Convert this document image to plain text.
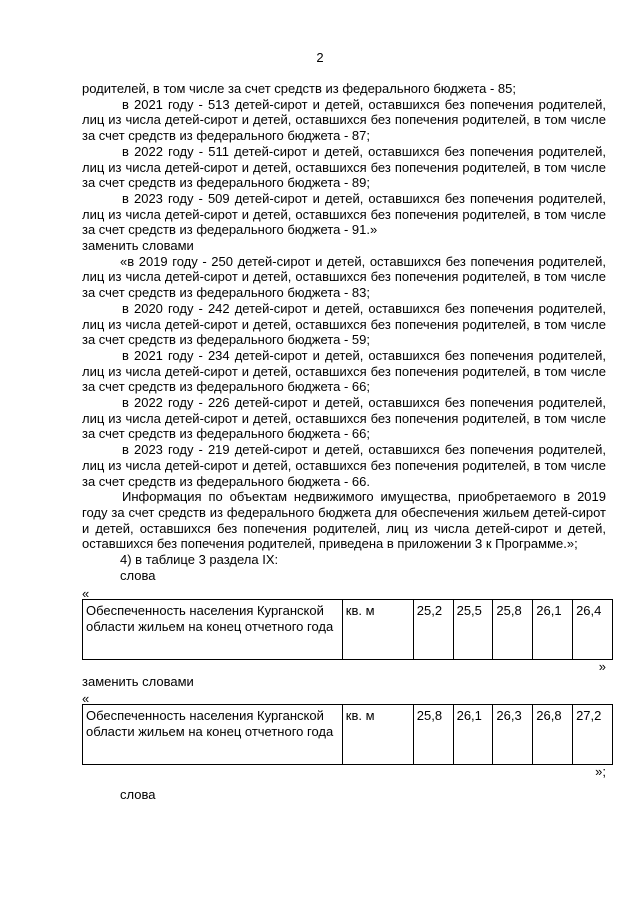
2

родителей, в том числе за счет средств из федерального бюджета - 85;

в 2021 году - 513 детей-сирот и детей, оставшихся без попечения родителей, лиц из числа детей-сирот и детей, оставшихся без попечения родителей, в том числе за счет средств из федерального бюджета - 87;

в 2022 году - 511 детей-сирот и детей, оставшихся без попечения родителей, лиц из числа детей-сирот и детей, оставшихся без попечения родителей, в том числе за счет средств из федерального бюджета - 89;

в 2023 году - 509 детей-сирот и детей, оставшихся без попечения родителей, лиц из числа детей-сирот и детей, оставшихся без попечения родителей, в том числе за счет средств из федерального бюджета - 91.»

заменить словами

«в 2019 году - 250 детей-сирот и детей, оставшихся без попечения родителей, лиц из числа детей-сирот и детей, оставшихся без попечения родителей, в том числе за счет средств из федерального бюджета - 83;

в 2020 году - 242 детей-сирот и детей, оставшихся без попечения родителей, лиц из числа детей-сирот и детей, оставшихся без попечения родителей, в том числе за счет средств из федерального бюджета - 59;

в 2021 году - 234 детей-сирот и детей, оставшихся без попечения родителей, лиц из числа детей-сирот и детей, оставшихся без попечения родителей, в том числе за счет средств из федерального бюджета - 66;

в 2022 году - 226 детей-сирот и детей, оставшихся без попечения родителей, лиц из числа детей-сирот и детей, оставшихся без попечения родителей, в том числе за счет средств из федерального бюджета - 66;

в 2023 году - 219 детей-сирот и детей, оставшихся без попечения родителей, лиц из числа детей-сирот и детей, оставшихся без попечения родителей, в том числе за счет средств из федерального бюджета - 66.

Информация по объектам недвижимого имущества, приобретаемого в 2019 году за счет средств из федерального бюджета для обеспечения жильем детей-сирот и детей, оставшихся без попечения родителей, лиц из числа детей-сирот и детей, оставшихся без попечения родителей, приведена в приложении 3 к Программе.»;

4) в таблице 3 раздела IX:

слова

«
Обеспеченность населения Курганской области жильем на конец отчетного года	кв. м	25,2	25,5	25,8	26,1	26,4
»

заменить словами

«
Обеспеченность населения Курганской области жильем на конец отчетного года	кв. м	25,8	26,1	26,3	26,8	27,2
»;

слова
